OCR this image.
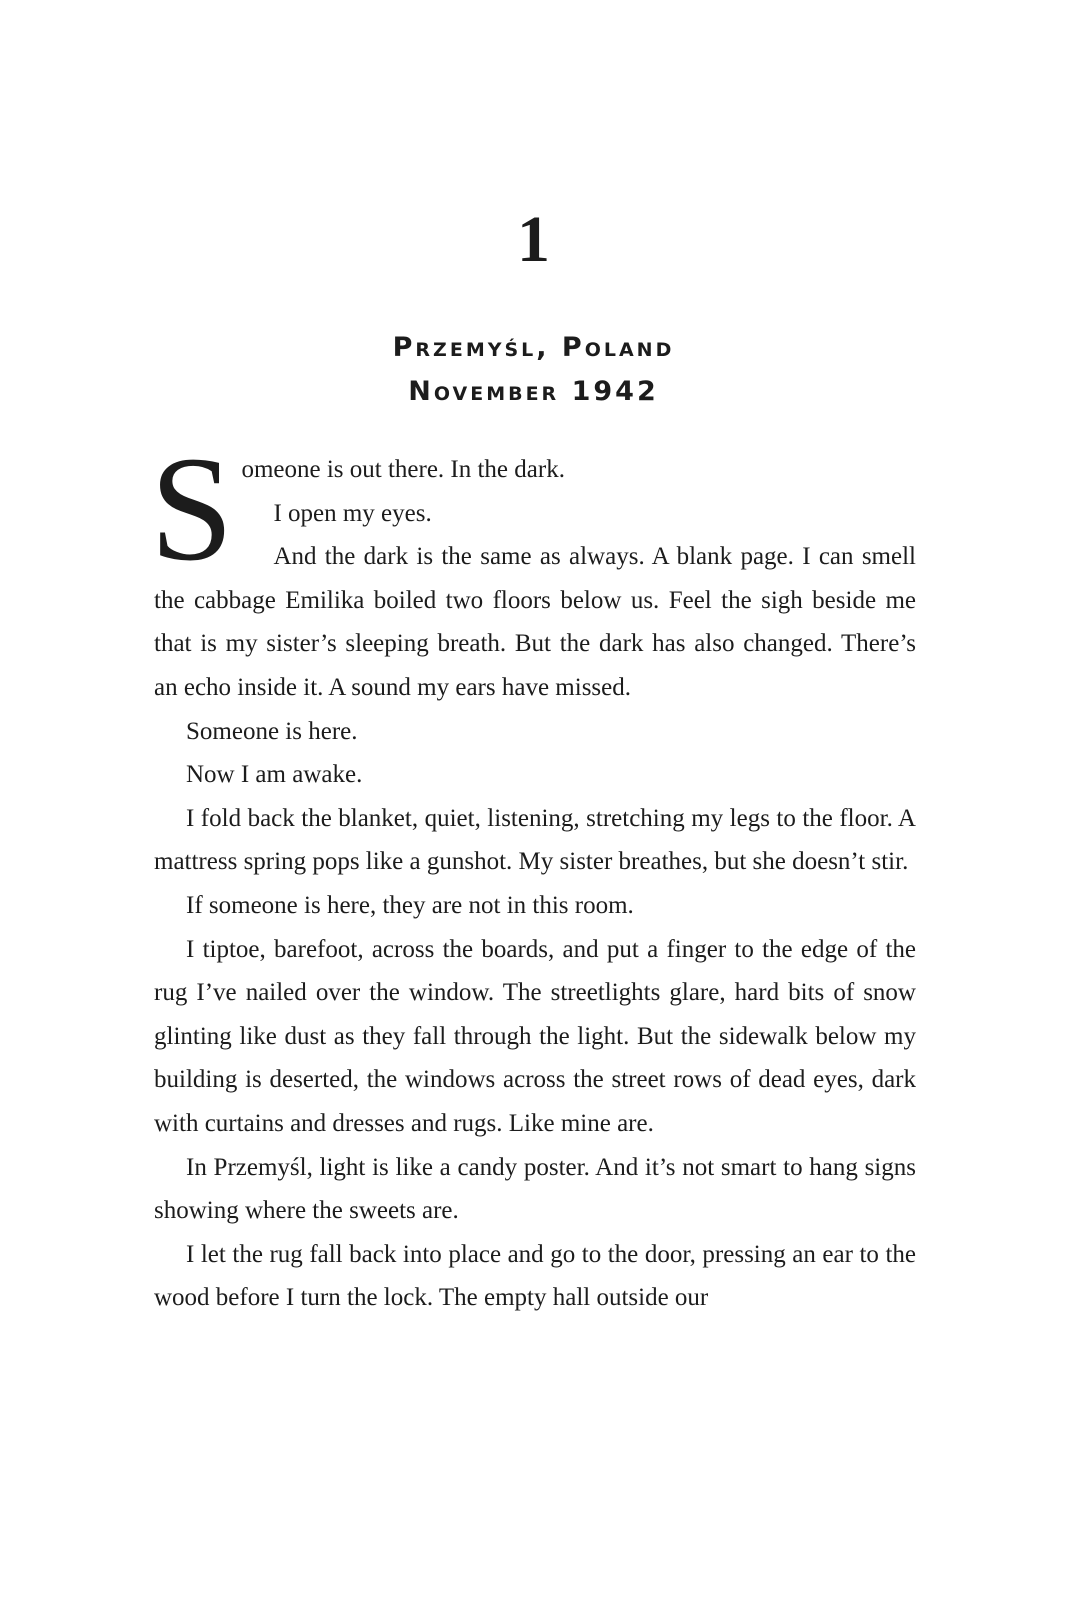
1
Przemyśl, Poland
November 1942
S omeone is out there. In the dark.

I open my eyes.

And the dark is the same as always. A blank page. I can smell the cabbage Emilika boiled two floors below us. Feel the sigh beside me that is my sister’s sleeping breath. But the dark has also changed. There’s an echo inside it. A sound my ears have missed.

Someone is here.

Now I am awake.

I fold back the blanket, quiet, listening, stretching my legs to the floor. A mattress spring pops like a gunshot. My sister breathes, but she doesn’t stir.

If someone is here, they are not in this room.

I tiptoe, barefoot, across the boards, and put a finger to the edge of the rug I’ve nailed over the window. The streetlights glare, hard bits of snow glinting like dust as they fall through the light. But the sidewalk below my building is deserted, the windows across the street rows of dead eyes, dark with curtains and dresses and rugs. Like mine are.

In Przemyśl, light is like a candy poster. And it’s not smart to hang signs showing where the sweets are.

I let the rug fall back into place and go to the door, pressing an ear to the wood before I turn the lock. The empty hall outside our
